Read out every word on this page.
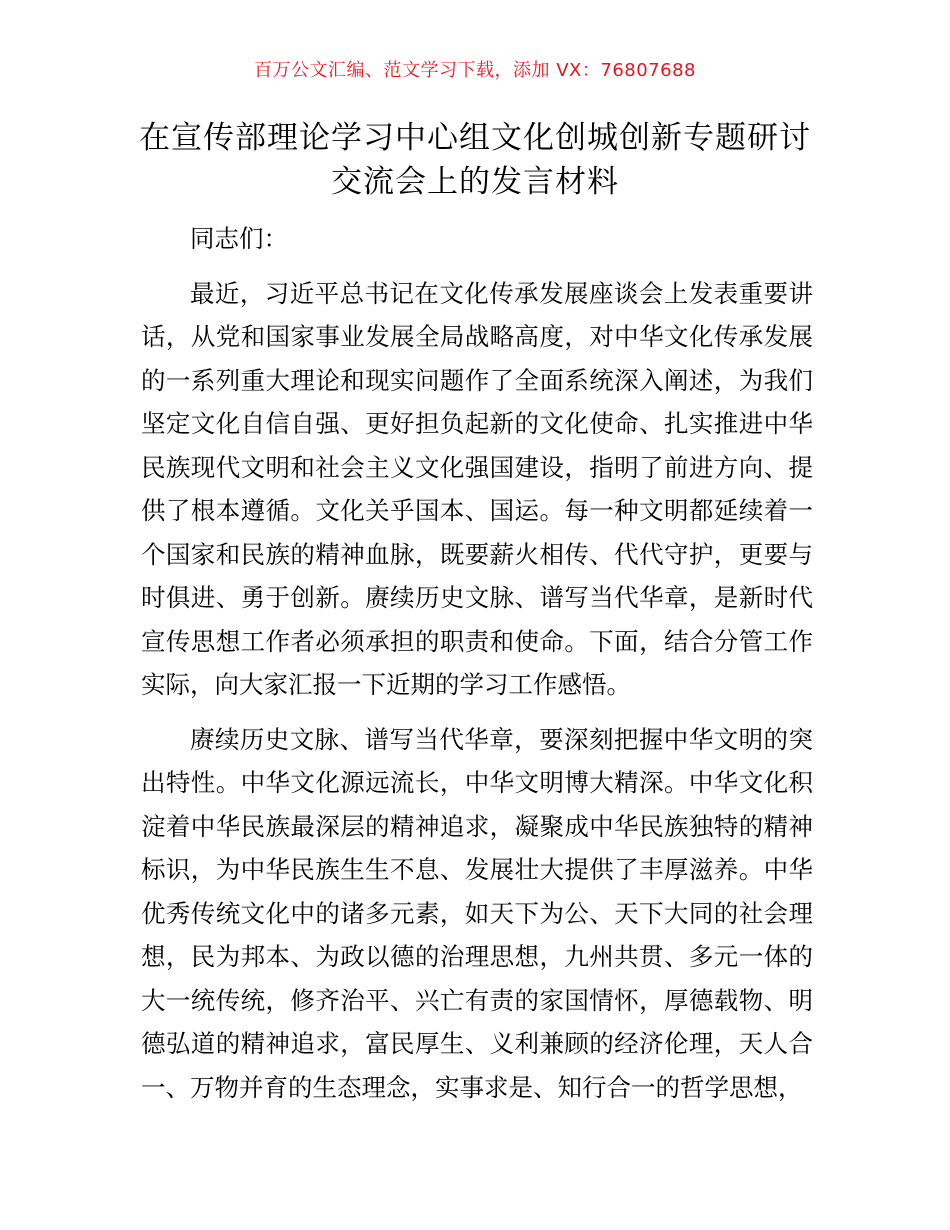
百万公文汇编、范文学习下载，添加 VX：76807688
在宣传部理论学习中心组文化创城创新专题研讨交流会上的发言材料

同志们：

最近，习近平总书记在文化传承发展座谈会上发表重要讲话，从党和国家事业发展全局战略高度，对中华文化传承发展的一系列重大理论和现实问题作了全面系统深入阐述，为我们坚定文化自信自强、更好担负起新的文化使命、扎实推进中华民族现代文明和社会主义文化强国建设，指明了前进方向、提供了根本遵循。文化关乎国本、国运。每一种文明都延续着一个国家和民族的精神血脉，既要薪火相传、代代守护，更要与时俱进、勇于创新。赓续历史文脉、谱写当代华章，是新时代宣传思想工作者必须承担的职责和使命。下面，结合分管工作实际，向大家汇报一下近期的学习工作感悟。

赓续历史文脉、谱写当代华章，要深刻把握中华文明的突出特性。中华文化源远流长，中华文明博大精深。中华文化积淀着中华民族最深层的精神追求，凝聚成中华民族独特的精神标识，为中华民族生生不息、发展壮大提供了丰厚滋养。中华优秀传统文化中的诸多元素，如天下为公、天下大同的社会理想，民为邦本、为政以德的治理思想，九州共贯、多元一体的大一统传统，修齐治平、兴亡有责的家国情怀，厚德载物、明德弘道的精神追求，富民厚生、义利兼顾的经济伦理，天人合一、万物并育的生态理念，实事求是、知行合一的哲学思想，
